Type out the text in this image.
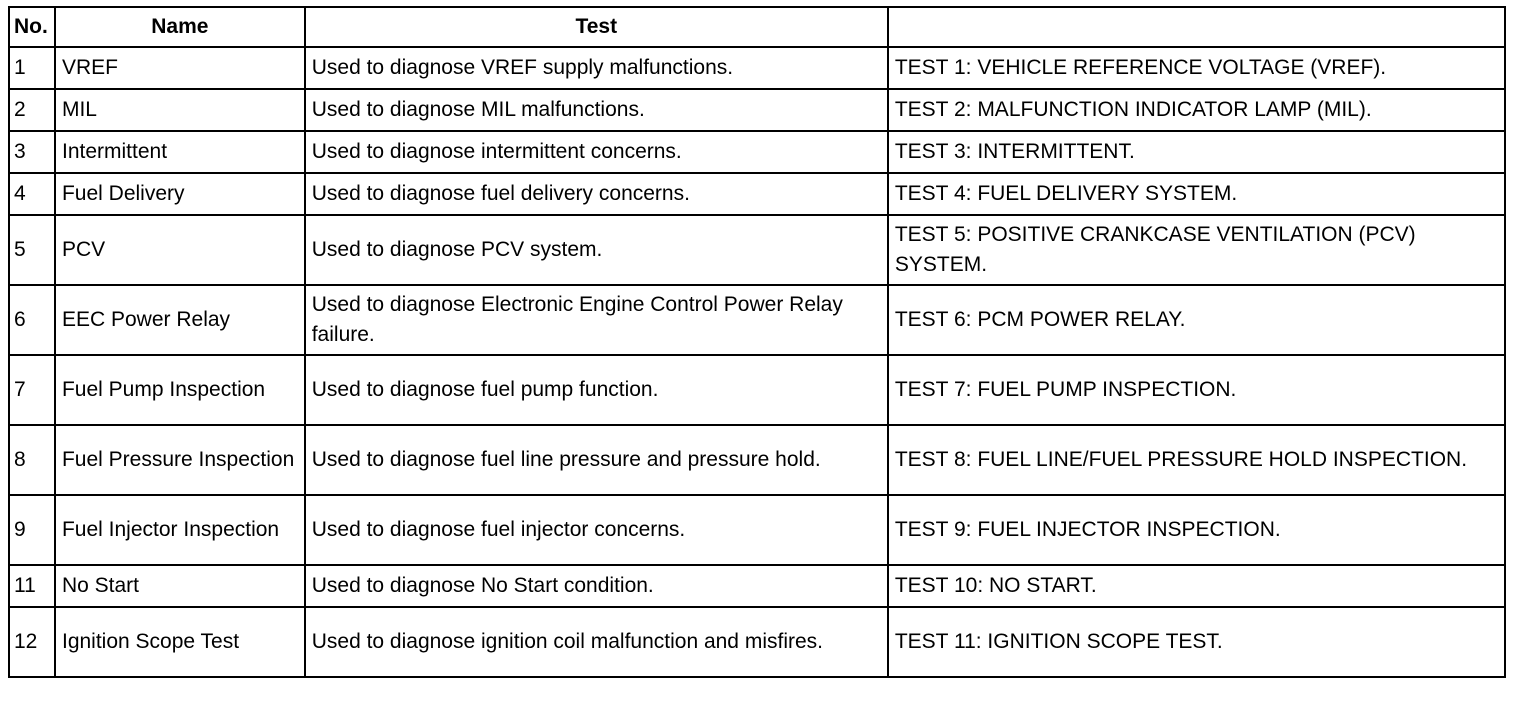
No.	Name	Test	
1	VREF	Used to diagnose VREF supply malfunctions.	TEST 1: VEHICLE REFERENCE VOLTAGE (VREF).
2	MIL	Used to diagnose MIL malfunctions.	TEST 2: MALFUNCTION INDICATOR LAMP (MIL).
3	Intermittent	Used to diagnose intermittent concerns.	TEST 3: INTERMITTENT.
4	Fuel Delivery	Used to diagnose fuel delivery concerns.	TEST 4: FUEL DELIVERY SYSTEM.
5	PCV	Used to diagnose PCV system.	TEST 5: POSITIVE CRANKCASE VENTILATION (PCV) SYSTEM.
6	EEC Power Relay	Used to diagnose Electronic Engine Control Power Relay failure.	TEST 6: PCM POWER RELAY.
7	Fuel Pump Inspection	Used to diagnose fuel pump function.	TEST 7: FUEL PUMP INSPECTION.
8	Fuel Pressure Inspection	Used to diagnose fuel line pressure and pressure hold.	TEST 8: FUEL LINE/FUEL PRESSURE HOLD INSPECTION.
9	Fuel Injector Inspection	Used to diagnose fuel injector concerns.	TEST 9: FUEL INJECTOR INSPECTION.
11	No Start	Used to diagnose No Start condition.	TEST 10: NO START.
12	Ignition Scope Test	Used to diagnose ignition coil malfunction and misfires.	TEST 11: IGNITION SCOPE TEST.
